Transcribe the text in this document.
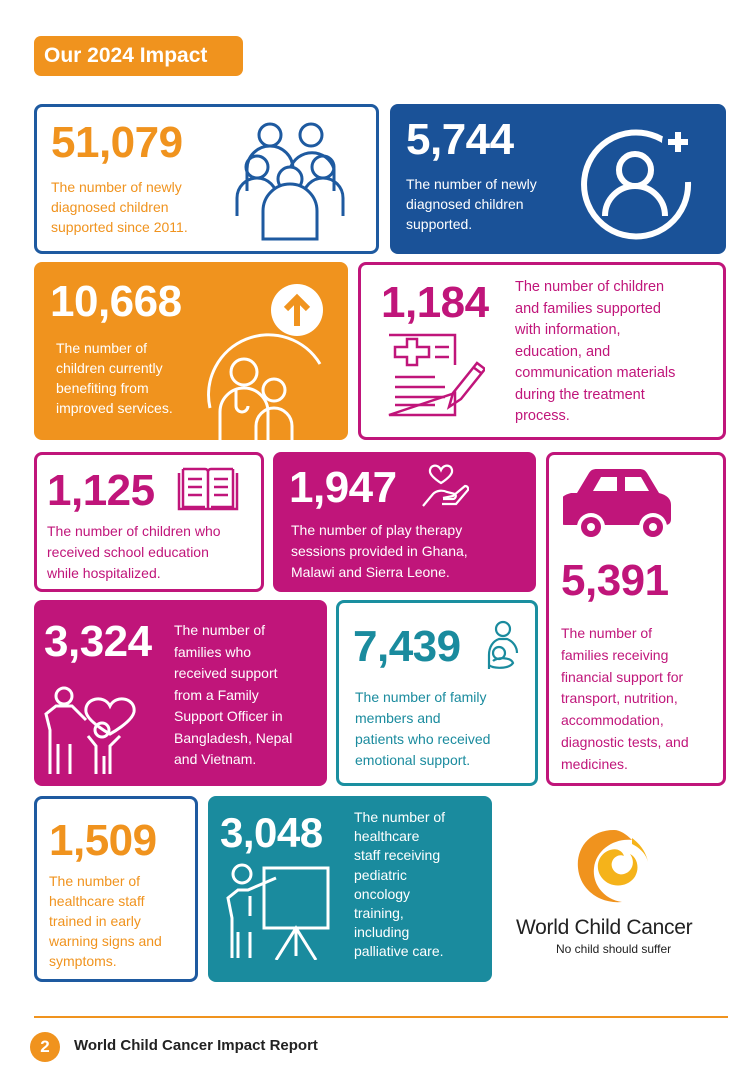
Our 2024 Impact
51,079
The number of newly
diagnosed children
supported since 2011.
5,744
The number of newly
diagnosed children
supported.
10,668
The number of
children currently
benefiting from
improved services.
1,184 The number of children
and families supported
with information,
education, and
communication materials
during the treatment
process.
1,125
The number of children who
received school education
while hospitalized.
1,947
The number of play therapy
sessions provided in Ghana,
Malawi and Sierra Leone.	5,391
The number of
families receiving
financial support for
transport, nutrition,
accommodation,
diagnostic tests, and
medicines.
3,324 The number of
families who
received support
from a Family
Support Officer in
Bangladesh, Nepal
and Vietnam.
7,439
The number of family
members and
patients who received
emotional support.
1,509
The number of
healthcare staff
trained in early
warning signs and
symptoms.
3,048 The number of
healthcare
staff receiving
pediatric
oncology
training,
including
palliative care.
World Child Cancer
No child should suffer
2	World Child Cancer Impact Report
